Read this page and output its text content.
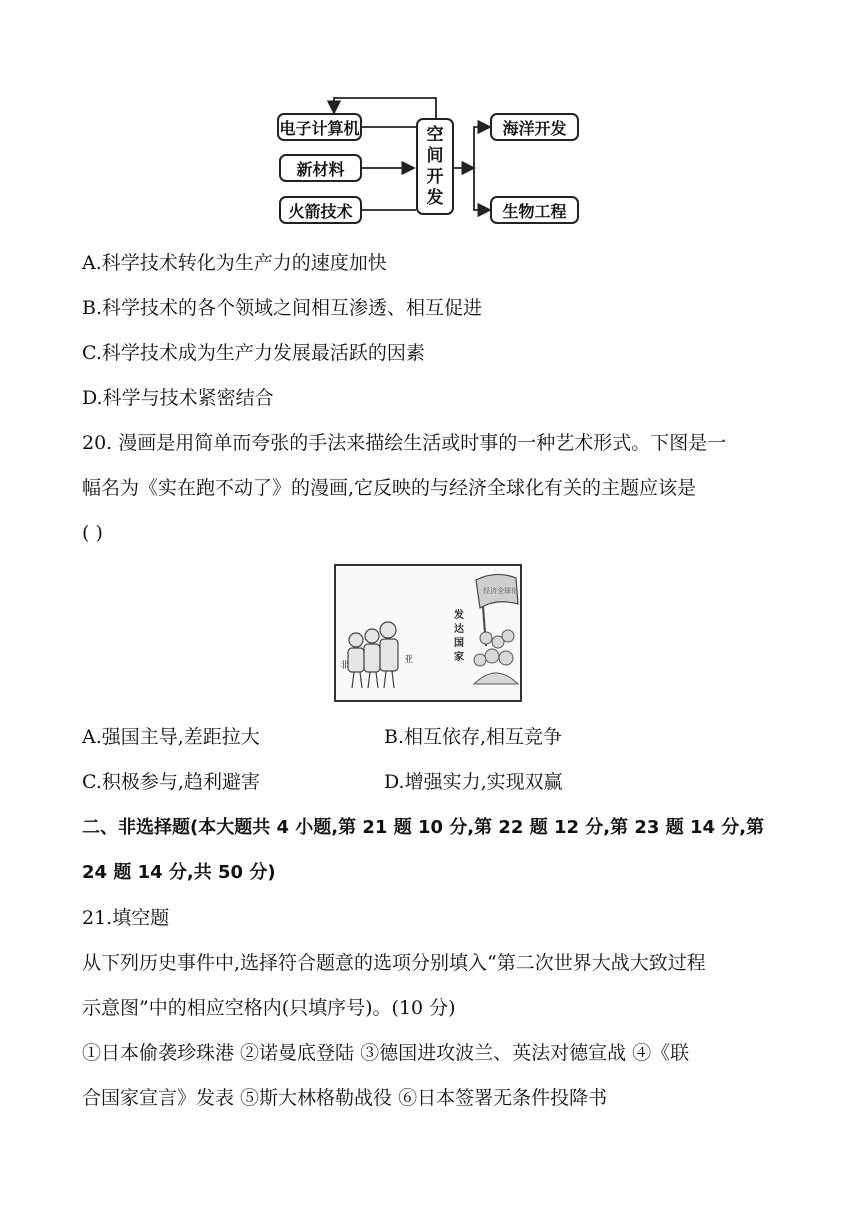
电子计算机
新材料
火箭技术
空
间
开
发
海洋开发
生物工程
A.科学技术转化为生产力的速度加快
B.科学技术的各个领域之间相互渗透、相互促进
C.科学技术成为生产力发展最活跃的因素
D.科学与技术紧密结合
20. 漫画是用简单而夸张的手法来描绘生活或时事的一种艺术形式。下图是一
幅名为《实在跑不动了》的漫画,它反映的与经济全球化有关的主题应该是
( )
经济全球化
非
亚
发
达
国
家
A.强国主导,差距拉大	B.相互依存,相互竞争
C.积极参与,趋利避害	D.增强实力,实现双赢
二、非选择题(本大题共 4 小题,第 21 题 10 分,第 22 题 12 分,第 23 题 14 分,第
24 题 14 分,共 50 分)
21.填空题
从下列历史事件中,选择符合题意的选项分别填入“第二次世界大战大致过程
示意图”中的相应空格内(只填序号)。(10 分)
①日本偷袭珍珠港 ②诺曼底登陆 ③德国进攻波兰、英法对德宣战 ④《联
合国家宣言》发表 ⑤斯大林格勒战役 ⑥日本签署无条件投降书
